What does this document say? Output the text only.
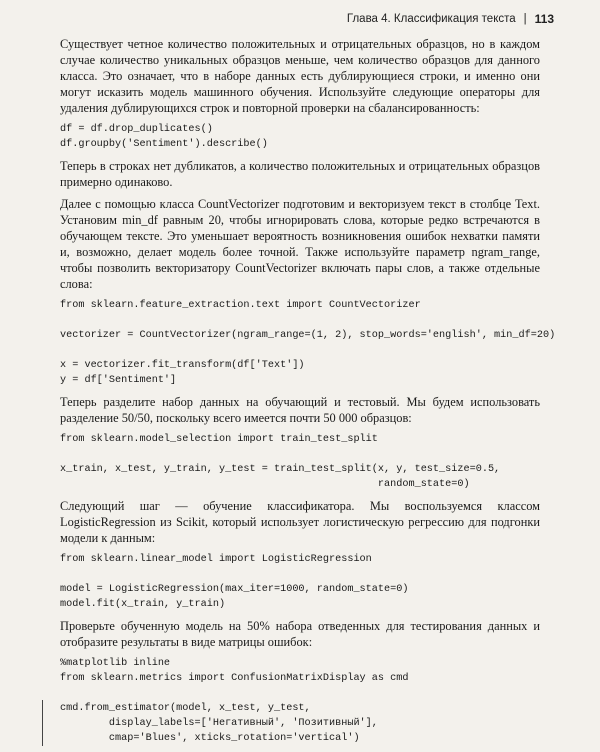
Глава 4. Классификация текста | 113

Существует четное количество положительных и отрицательных образцов, но в каждом случае количество уникальных образцов меньше, чем количество образцов для данного класса. Это означает, что в наборе данных есть дублирующиеся строки, и именно они могут исказить модель машинного обучения. Используйте следующие операторы для удаления дублирующихся строк и повторной проверки на сбалансированность:

df = df.drop_duplicates()
df.groupby('Sentiment').describe()

Теперь в строках нет дубликатов, а количество положительных и отрицательных образцов примерно одинаково.

Далее с помощью класса CountVectorizer подготовим и векторизуем текст в столбце Text. Установим min_df равным 20, чтобы игнорировать слова, которые редко встречаются в обучающем тексте. Это уменьшает вероятность возникновения ошибок нехватки памяти и, возможно, делает модель более точной. Также используйте параметр ngram_range, чтобы позволить векторизатору CountVectorizer включать пары слов, а также отдельные слова:

from sklearn.feature_extraction.text import CountVectorizer

vectorizer = CountVectorizer(ngram_range=(1, 2), stop_words='english', min_df=20)

x = vectorizer.fit_transform(df['Text'])
y = df['Sentiment']

Теперь разделите набор данных на обучающий и тестовый. Мы будем использовать разделение 50/50, поскольку всего имеется почти 50 000 образцов:

from sklearn.model_selection import train_test_split

x_train, x_test, y_train, y_test = train_test_split(x, y, test_size=0.5,
random_state=0)

Следующий шаг — обучение классификатора. Мы воспользуемся классом LogisticRegression из Scikit, который использует логистическую регрессию для подгонки модели к данным:

from sklearn.linear_model import LogisticRegression

model = LogisticRegression(max_iter=1000, random_state=0)
model.fit(x_train, y_train)

Проверьте обученную модель на 50% набора отведенных для тестирования данных и отобразите результаты в виде матрицы ошибок:

%matplotlib inline
from sklearn.metrics import ConfusionMatrixDisplay as cmd

cmd.from_estimator(model, x_test, y_test,
display_labels=['Негативный', 'Позитивный'],
cmap='Blues', xticks_rotation='vertical')
